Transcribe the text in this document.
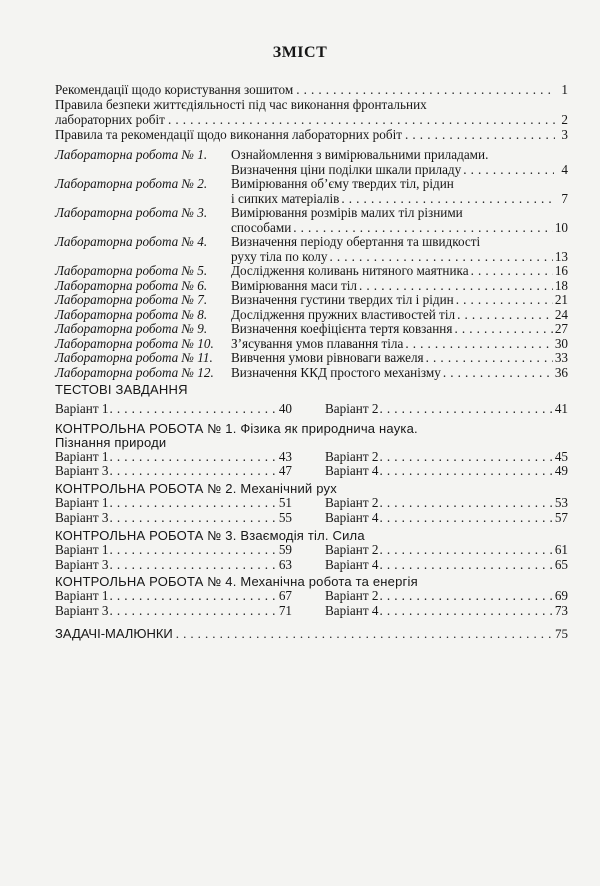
ЗМІСТ
Рекомендації щодо користування зошитом . . .	1
Правила безпеки життєдіяльності під час виконання фронтальних
лабораторних робіт . . .	2
Правила та рекомендації щодо виконання лабораторних робіт . . .	3
Лабораторна робота № 1. Ознайомлення з вимірювальними приладами.
Визначення ціни поділки шкали приладу . . .	4
Лабораторна робота № 2. Вимірювання об’єму твердих тіл, рідин
і сипких матеріалів . . .	7
Лабораторна робота № 3. Вимірювання розмірів малих тіл різними
способами . . .	10
Лабораторна робота № 4. Визначення періоду обертання та швидкості
руху тіла по колу . . .	13
Лабораторна робота № 5. Дослідження коливань нитяного маятника . . .	16
Лабораторна робота № 6. Вимірювання маси тіл . . .	18
Лабораторна робота № 7. Визначення густини твердих тіл і рідин . . .	21
Лабораторна робота № 8. Дослідження пружних властивостей тіл . . .	24
Лабораторна робота № 9. Визначення коефіцієнта тертя ковзання . . .	27
Лабораторна робота № 10. З’ясування умов плавання тіла . . .	30
Лабораторна робота № 11. Вивчення умови рівноваги важеля . . .	33
Лабораторна робота № 12. Визначення ККД простого механізму . . .	36
ТЕСТОВІ ЗАВДАННЯ
Варіант 1 . . .	40	Варіант 2 . . .	41
КОНТРОЛЬНА РОБОТА № 1. Фізика як природнича наука.
Пізнання природи
Варіант 1 . . .	43	Варіант 2 . . .	45
Варіант 3 . . .	47	Варіант 4 . . .	49
КОНТРОЛЬНА РОБОТА № 2. Механічний рух
Варіант 1 . . .	51	Варіант 2 . . .	53
Варіант 3 . . .	55	Варіант 4 . . .	57
КОНТРОЛЬНА РОБОТА № 3. Взаємодія тіл. Сила
Варіант 1 . . .	59	Варіант 2 . . .	61
Варіант 3 . . .	63	Варіант 4 . . .	65
КОНТРОЛЬНА РОБОТА № 4. Механічна робота та енергія
Варіант 1 . . .	67	Варіант 2 . . .	69
Варіант 3 . . .	71	Варіант 4 . . .	73
ЗАДАЧІ-МАЛЮНКИ . . .	75
